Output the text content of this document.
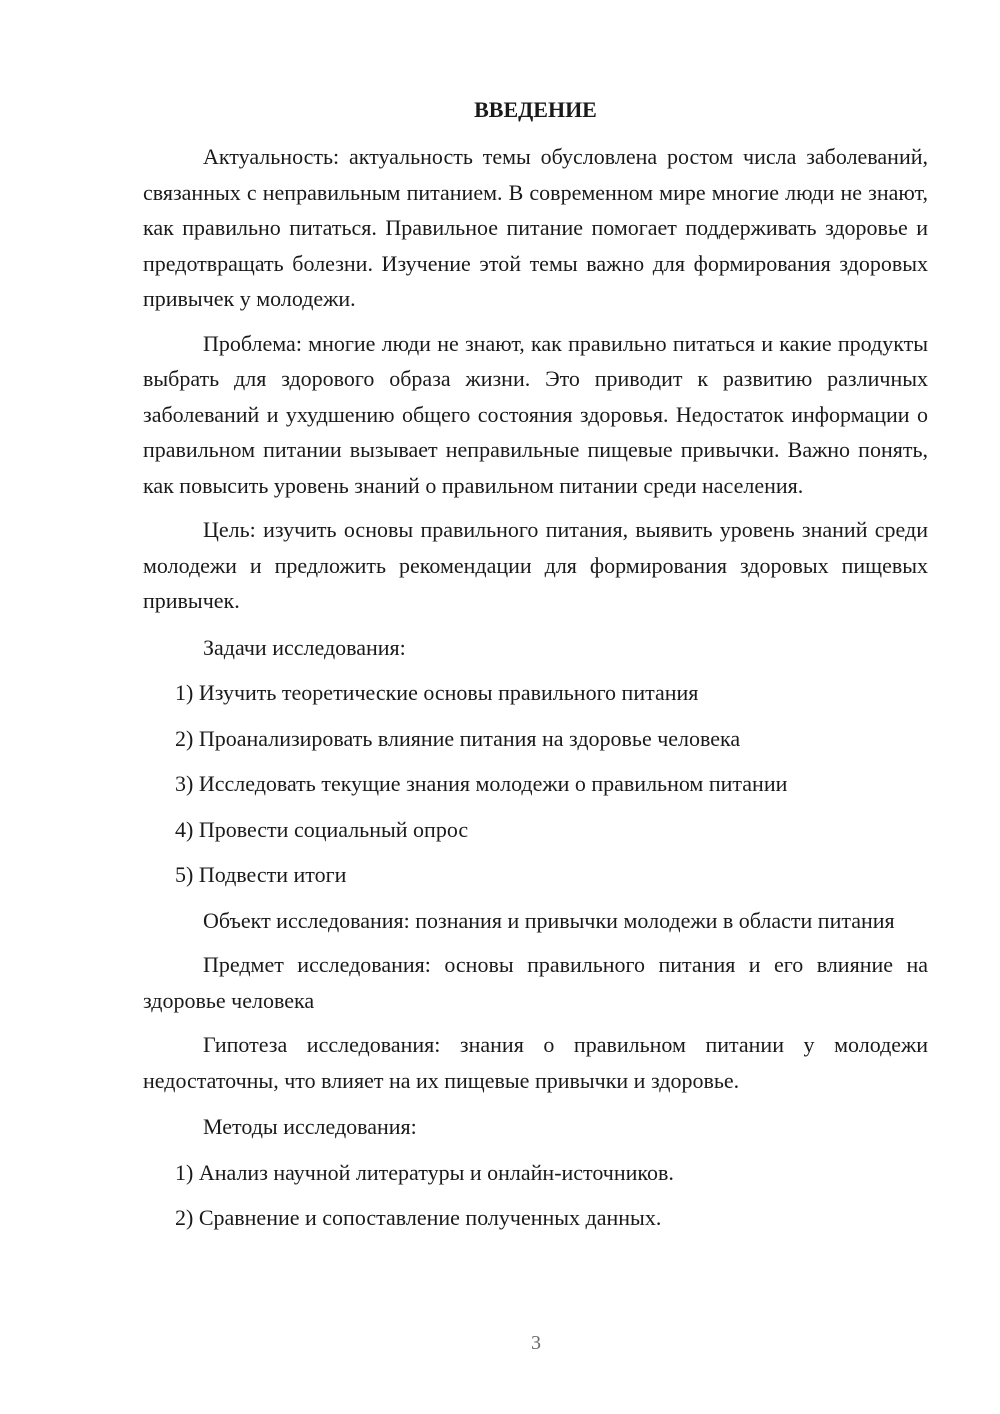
ВВЕДЕНИЕ

Актуальность: актуальность темы обусловлена ростом числа заболеваний, связанных с неправильным питанием. В современном мире многие люди не знают, как правильно питаться. Правильное питание помогает поддерживать здоровье и предотвращать болезни. Изучение этой темы важно для формирования здоровых привычек у молодежи.

Проблема: многие люди не знают, как правильно питаться и какие продукты выбрать для здорового образа жизни. Это приводит к развитию различных заболеваний и ухудшению общего состояния здоровья. Недостаток информации о правильном питании вызывает неправильные пищевые привычки. Важно понять, как повысить уровень знаний о правильном питании среди населения.

Цель: изучить основы правильного питания, выявить уровень знаний среди молодежи и предложить рекомендации для формирования здоровых пищевых привычек.

Задачи исследования:
1) Изучить теоретические основы правильного питания
2) Проанализировать влияние питания на здоровье человека
3) Исследовать текущие знания молодежи о правильном питании
4) Провести социальный опрос
5) Подвести итоги

Объект исследования: познания и привычки молодежи в области питания

Предмет исследования: основы правильного питания и его влияние на здоровье человека

Гипотеза исследования: знания о правильном питании у молодежи недостаточны, что влияет на их пищевые привычки и здоровье.

Методы исследования:
1) Анализ научной литературы и онлайн-источников.
2) Сравнение и сопоставление полученных данных.
3
